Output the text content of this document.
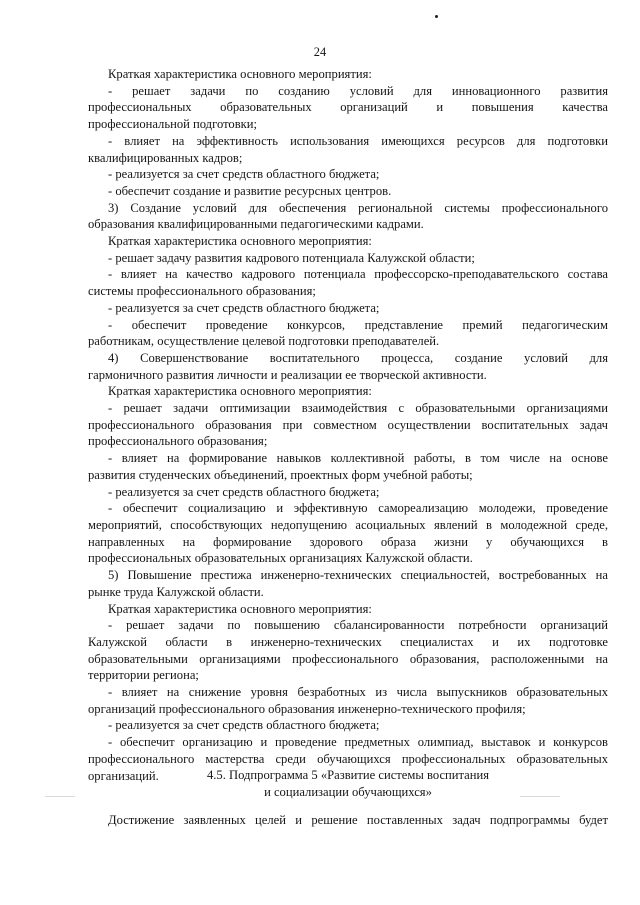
24

Краткая характеристика основного мероприятия:

- решает задачи по созданию условий для инновационного развития

профессиональных образовательных организаций и повышения качества

профессиональной подготовки;

- влияет на эффективность использования имеющихся ресурсов для подготовки

квалифицированных кадров;

- реализуется за счет средств областного бюджета;

- обеспечит создание и развитие ресурсных центров.

3) Создание условий для обеспечения региональной системы профессионального

образования квалифицированными педагогическими кадрами.

Краткая характеристика основного мероприятия:

- решает задачу развития кадрового потенциала Калужской области;

- влияет на качество кадрового потенциала профессорско-преподавательского состава

системы профессионального образования;

- реализуется за счет средств областного бюджета;

- обеспечит проведение конкурсов, представление премий педагогическим

работникам, осуществление целевой подготовки преподавателей.

4) Совершенствование воспитательного процесса, создание условий для

гармоничного развития личности и реализации ее творческой активности.

Краткая характеристика основного мероприятия:

- решает задачи оптимизации взаимодействия с образовательными организациями

профессионального образования при совместном осуществлении воспитательных задач

профессионального образования;

- влияет на формирование навыков коллективной работы, в том числе на основе

развития студенческих объединений, проектных форм учебной работы;

- реализуется за счет средств областного бюджета;

- обеспечит социализацию и эффективную самореализацию молодежи, проведение

мероприятий, способствующих недопущению асоциальных явлений в молодежной среде,

направленных на формирование здорового образа жизни у обучающихся в

профессиональных образовательных организациях Калужской области.

5) Повышение престижа инженерно-технических специальностей, востребованных на

рынке труда Калужской области.

Краткая характеристика основного мероприятия:

- решает задачи по повышению сбалансированности потребности организаций

Калужской области в инженерно-технических специалистах и их подготовке

образовательными организациями профессионального образования, расположенными на

территории региона;

- влияет на снижение уровня безработных из числа выпускников образовательных

организаций профессионального образования инженерно-технического профиля;

- реализуется за счет средств областного бюджета;

- обеспечит организацию и проведение предметных олимпиад, выставок и конкурсов

профессионального мастерства среди обучающихся профессиональных образовательных

организаций.	4.5. Подпрограмма 5 «Развитие системы воспитания

и социализации обучающихся»

Достижение заявленных целей и решение поставленных задач подпрограммы будет
